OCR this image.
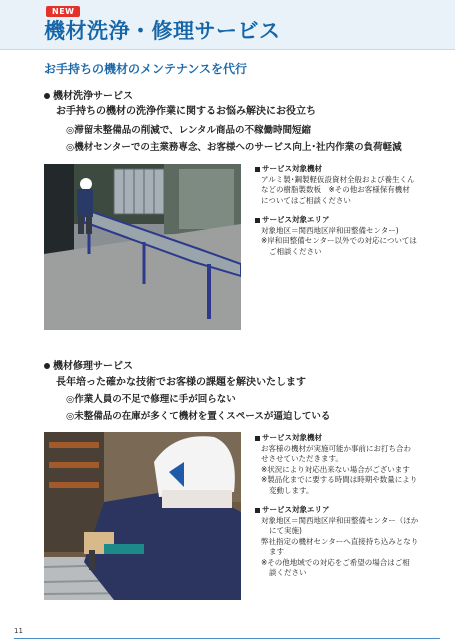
NEW
機材洗浄・修理サービス
お手持ちの機材のメンテナンスを代行
機材洗浄サービス
お手持ちの機材の洗浄作業に関するお悩み解決にお役立ち
◎滞留未整備品の削減で、レンタル商品の不稼働時間短縮
◎機材センターでの主業務専念、お客様へのサービス向上･社内作業の負荷軽減
サービス対象機材
アルミ製･鋼製軽仮設資材全般および養生くん
などの樹脂製数板　※その他お客様保有機材
についてはご相談ください
サービス対象エリア
対象地区＝関西地区岸和田整備センター)
※岸和田整備センター以外での対応については
ご相談ください
機材修理サービス
長年培った確かな技術でお客様の課題を解決いたします
◎作業人員の不足で修理に手が回らない
◎未整備品の在庫が多くて機材を置くスペースが逼迫している
サービス対象機材
お客様の機材が実施可能か事前にお打ち合わ
せさせていただきます。
※状況により対応出来ない場合がございます
※製品化までに要する時間は時期や数量により
変動します。
サービス対象エリア
対象地区＝関西地区岸和田整備センター（ほか
にて実施)
弊社指定の機材センターへ直接持ち込みとなり
ます
※その他地域での対応をご希望の場合はご相
談ください
11
